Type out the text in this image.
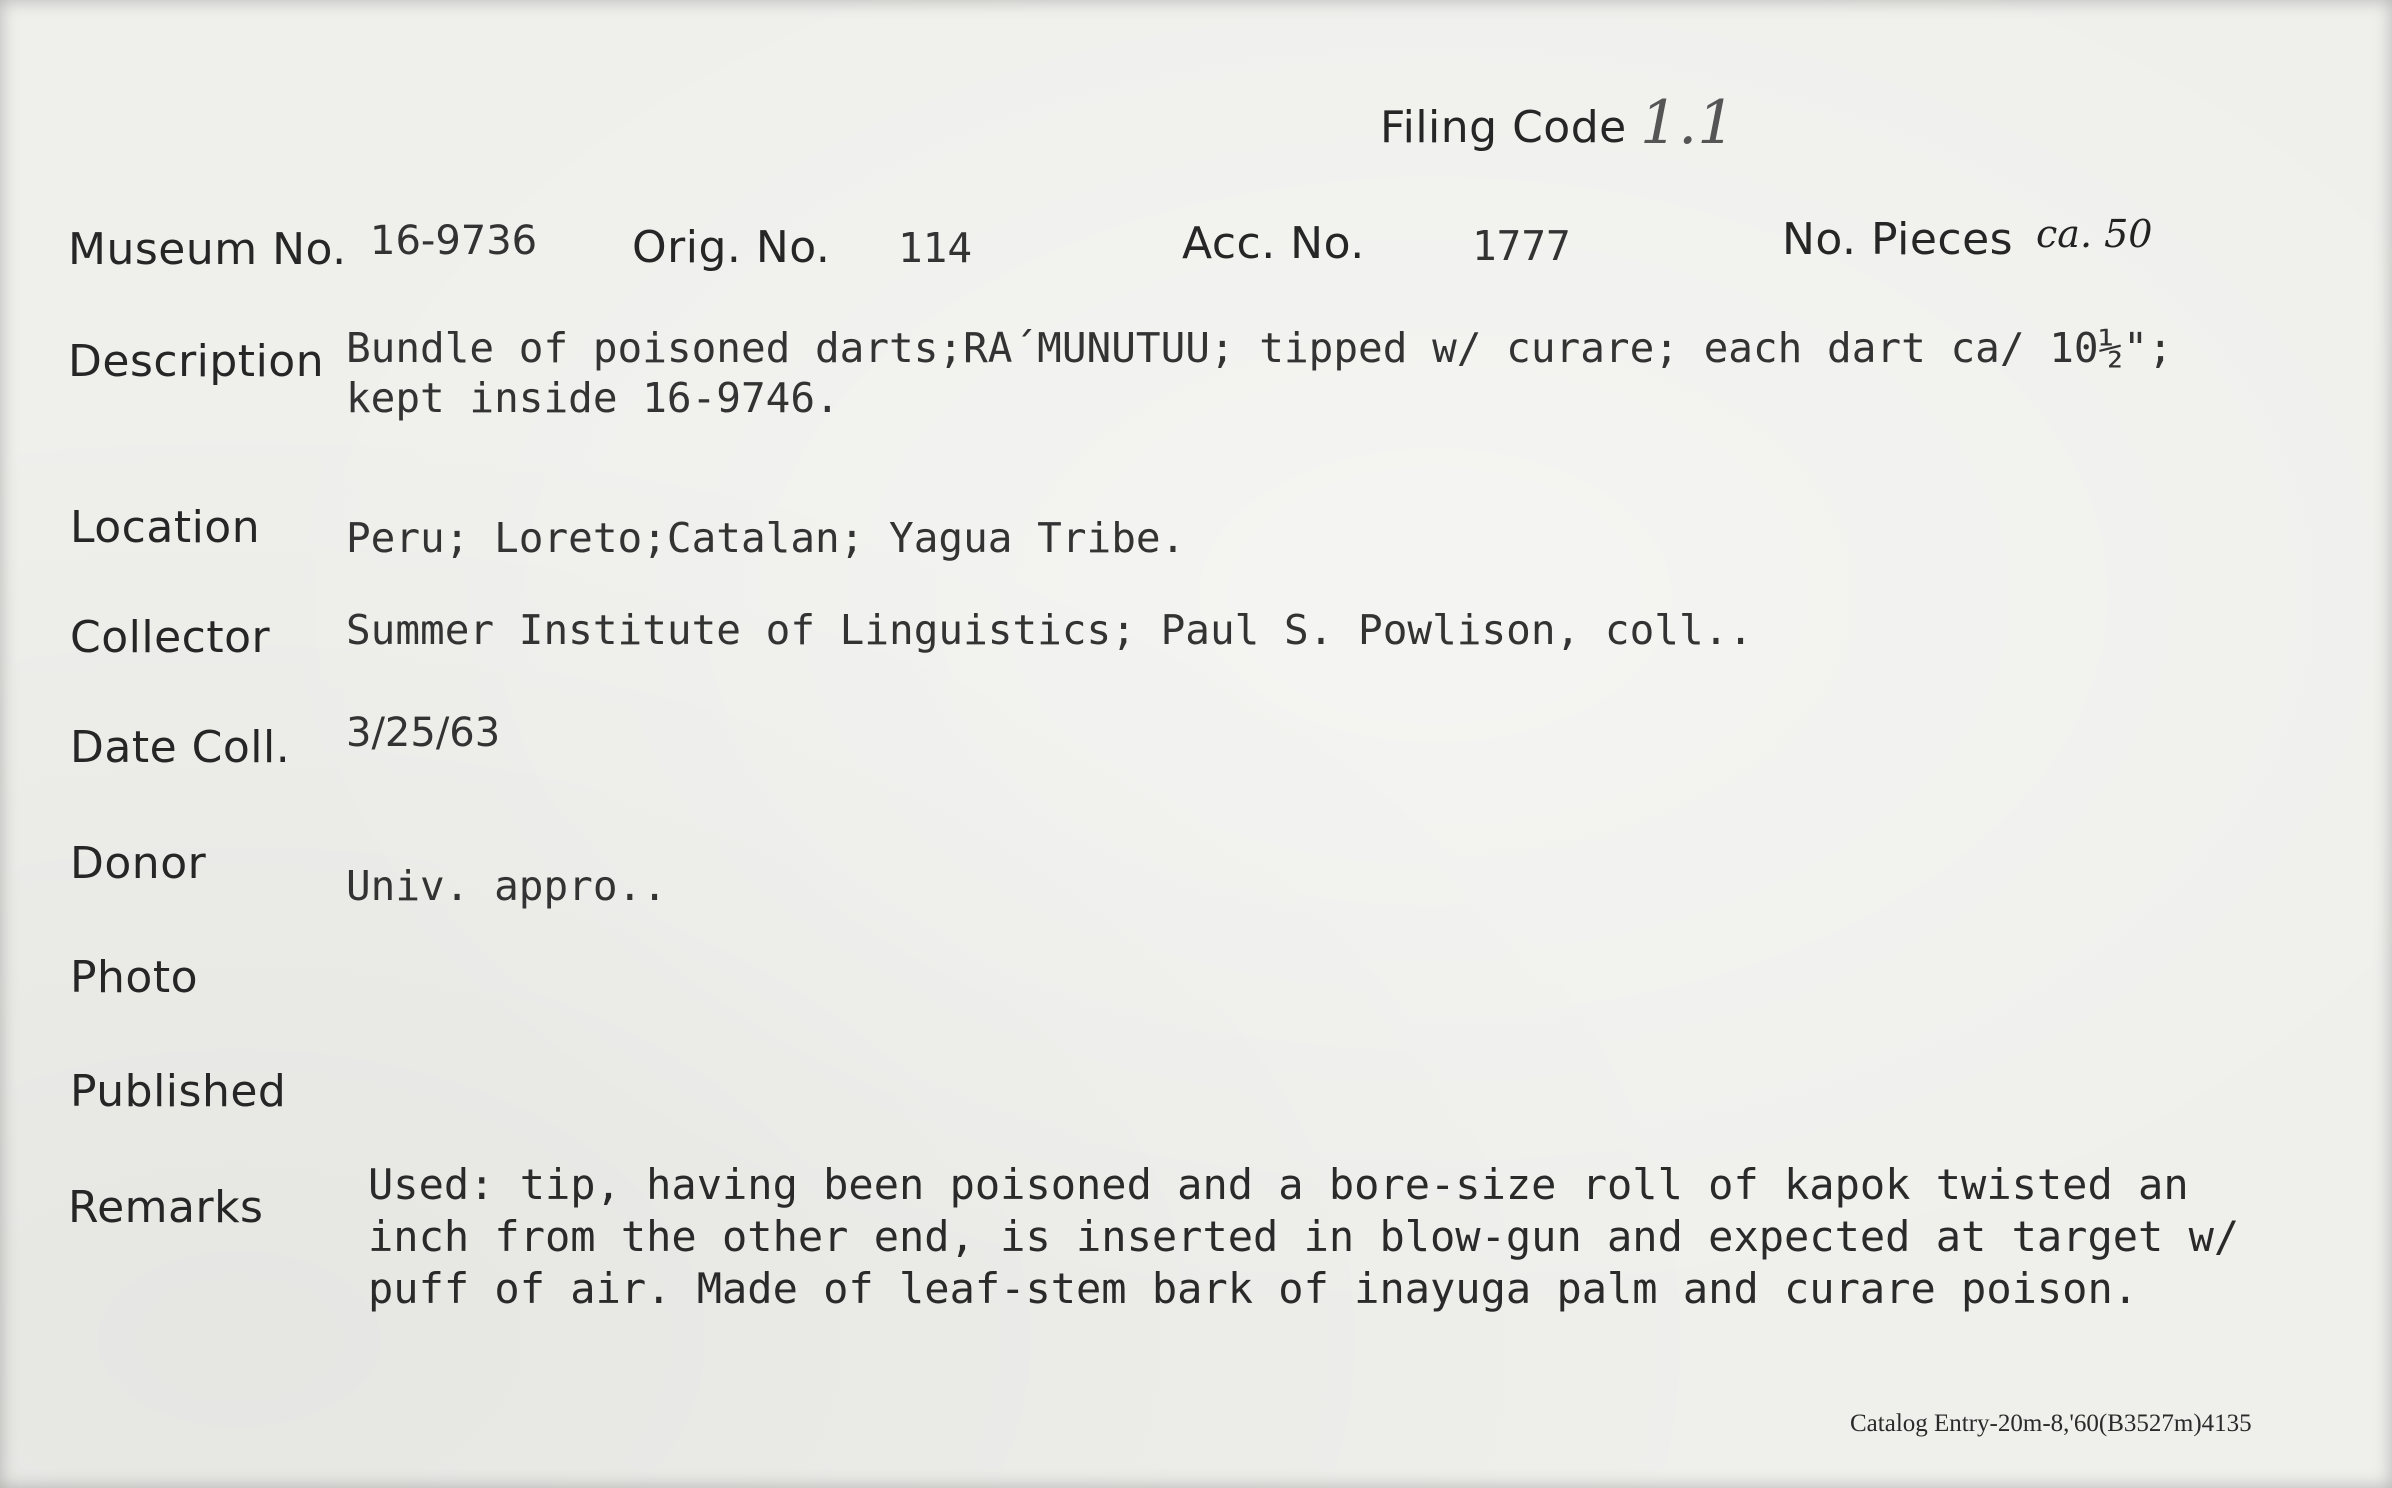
Filing Code 1.1
Museum No. 16-9736 Orig. No. 114	Acc. No.	1777	No. Pieces ca. 50
Description Bundle of poisoned darts;RA´MUNUTUU; tipped w/ curare; each dart ca/ 10½";
kept inside 16-9746.
Location Peru; Loreto;Catalan; Yagua Tribe.
Collector Summer Institute of Linguistics; Paul S. Powlison, coll..
Date Coll. 3/25/63
Donor	Univ. appro..
Photo
Published
Remarks Used: tip, having been poisoned and a bore-size roll of kapok twisted an
inch from the other end, is inserted in blow-gun and expected at target w/
puff of air. Made of leaf-stem bark of inayuga palm and curare poison.
Catalog Entry-20m-8,'60(B3527m)4135
